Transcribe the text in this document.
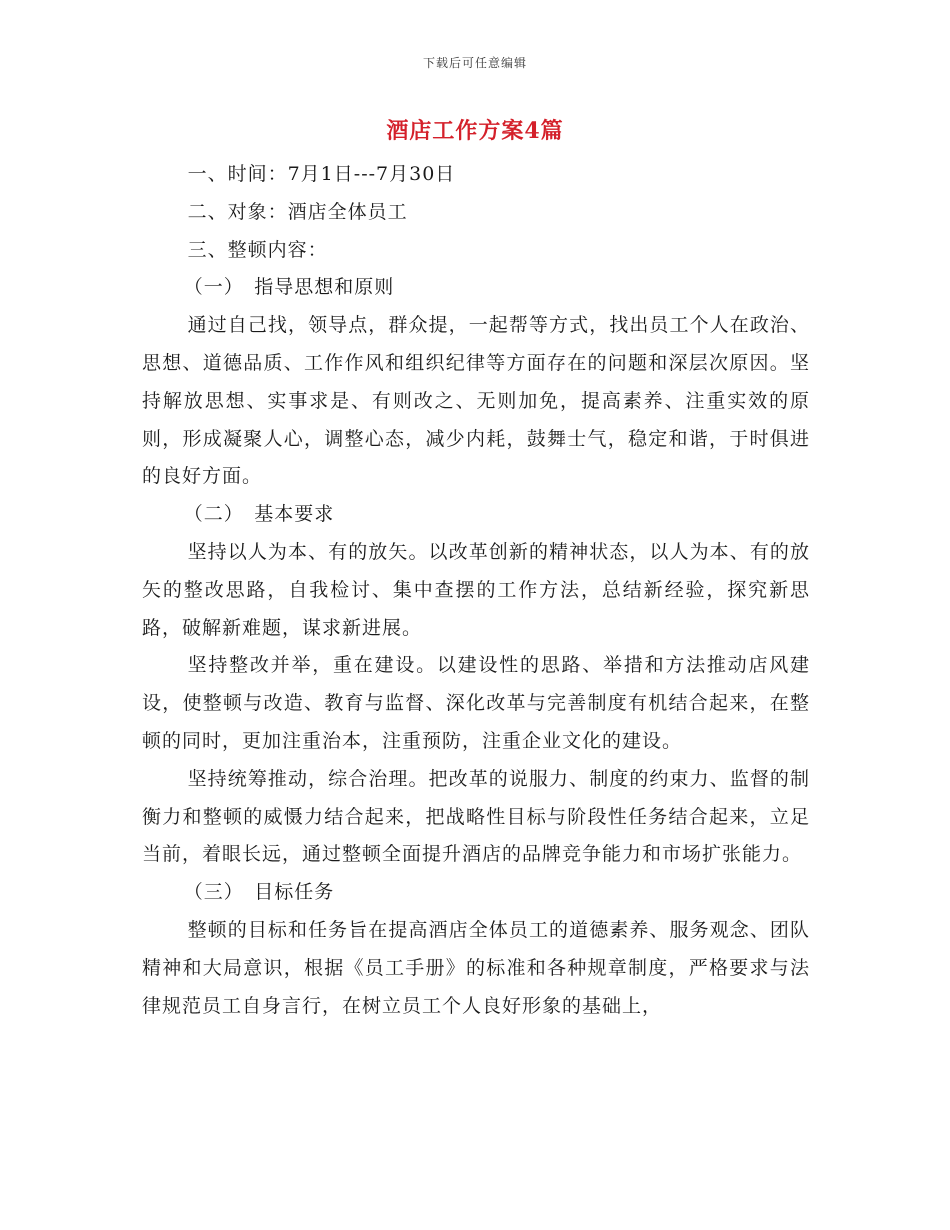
下载后可任意编辑
酒店工作方案4篇

一、时间：7月1日---7月30日

二、对象：酒店全体员工

三、整顿内容：

（一）　指导思想和原则

通过自己找，领导点，群众提，一起帮等方式，找出员工个人在政治、思想、道德品质、工作作风和组织纪律等方面存在的问题和深层次原因。坚持解放思想、实事求是、有则改之、无则加免，提高素养、注重实效的原则，形成凝聚人心，调整心态，减少内耗，鼓舞士气，稳定和谐，于时俱进的良好方面。

（二）　基本要求

坚持以人为本、有的放矢。以改革创新的精神状态，以人为本、有的放矢的整改思路，自我检讨、集中查摆的工作方法，总结新经验，探究新思路，破解新难题，谋求新进展。

坚持整改并举，重在建设。以建设性的思路、举措和方法推动店风建设，使整顿与改造、教育与监督、深化改革与完善制度有机结合起来，在整顿的同时，更加注重治本，注重预防，注重企业文化的建设。

坚持统筹推动，综合治理。把改革的说服力、制度的约束力、监督的制衡力和整顿的威慑力结合起来，把战略性目标与阶段性任务结合起来，立足当前，着眼长远，通过整顿全面提升酒店的品牌竞争能力和市场扩张能力。

（三）　目标任务

整顿的目标和任务旨在提高酒店全体员工的道德素养、服务观念、团队精神和大局意识，根据《员工手册》的标准和各种规章制度，严格要求与法律规范员工自身言行，在树立员工个人良好形象的基础上，
